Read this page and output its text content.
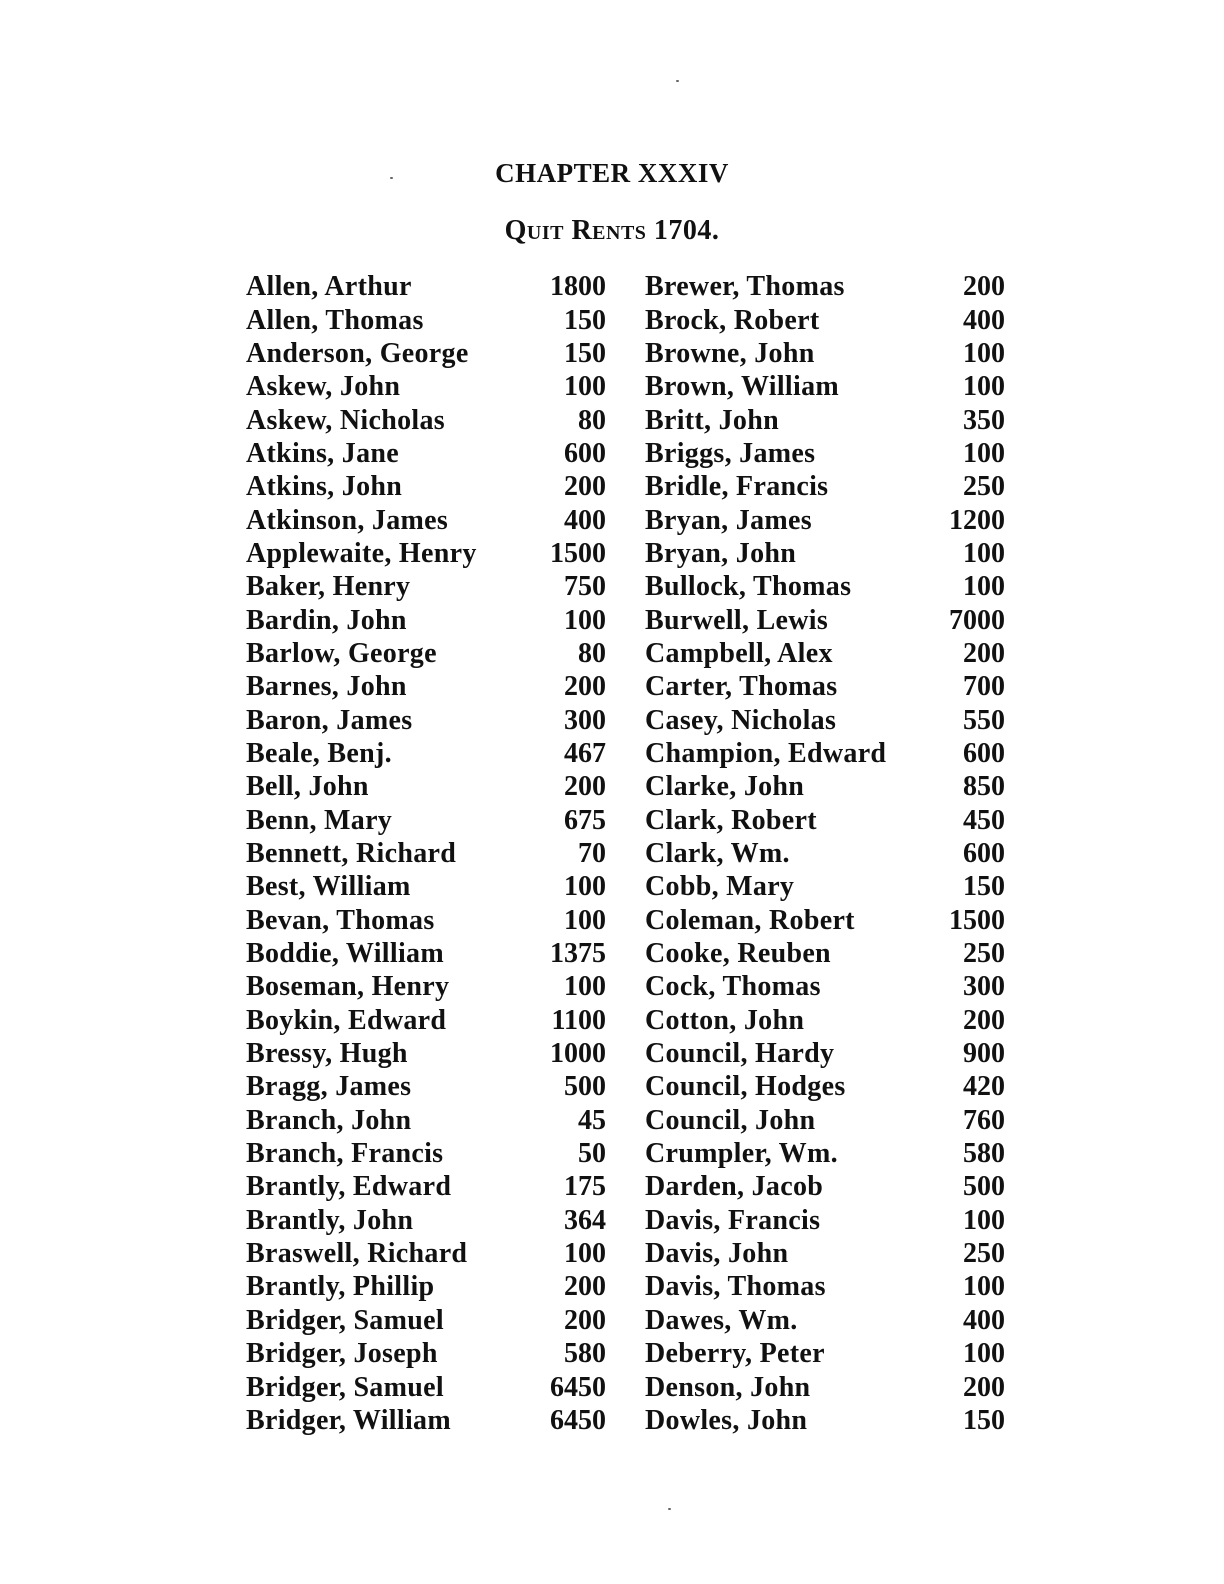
CHAPTER XXXIV
Quit Rents 1704.
Allen, Arthur	1800
Allen, Thomas	150
Anderson, George	150
Askew, John	100
Askew, Nicholas	80
Atkins, Jane	600
Atkins, John	200
Atkinson, James	400
Applewaite, Henry	1500
Baker, Henry	750
Bardin, John	100
Barlow, George	80
Barnes, John	200
Baron, James	300
Beale, Benj.	467
Bell, John	200
Benn, Mary	675
Bennett, Richard	70
Best, William	100
Bevan, Thomas	100
Boddie, William	1375
Boseman, Henry	100
Boykin, Edward	1100
Bressy, Hugh	1000
Bragg, James	500
Branch, John	45
Branch, Francis	50
Brantly, Edward	175
Brantly, John	364
Braswell, Richard	100
Brantly, Phillip	200
Bridger, Samuel	200
Bridger, Joseph	580
Bridger, Samuel	6450
Bridger, William	6450
Brewer, Thomas	200
Brock, Robert	400
Browne, John	100
Brown, William	100
Britt, John	350
Briggs, James	100
Bridle, Francis	250
Bryan, James	1200
Bryan, John	100
Bullock, Thomas	100
Burwell, Lewis	7000
Campbell, Alex	200
Carter, Thomas	700
Casey, Nicholas	550
Champion, Edward	600
Clarke, John	850
Clark, Robert	450
Clark, Wm.	600
Cobb, Mary	150
Coleman, Robert	1500
Cooke, Reuben	250
Cock, Thomas	300
Cotton, John	200
Council, Hardy	900
Council, Hodges	420
Council, John	760
Crumpler, Wm.	580
Darden, Jacob	500
Davis, Francis	100
Davis, John	250
Davis, Thomas	100
Dawes, Wm.	400
Deberry, Peter	100
Denson, John	200
Dowles, John	150
